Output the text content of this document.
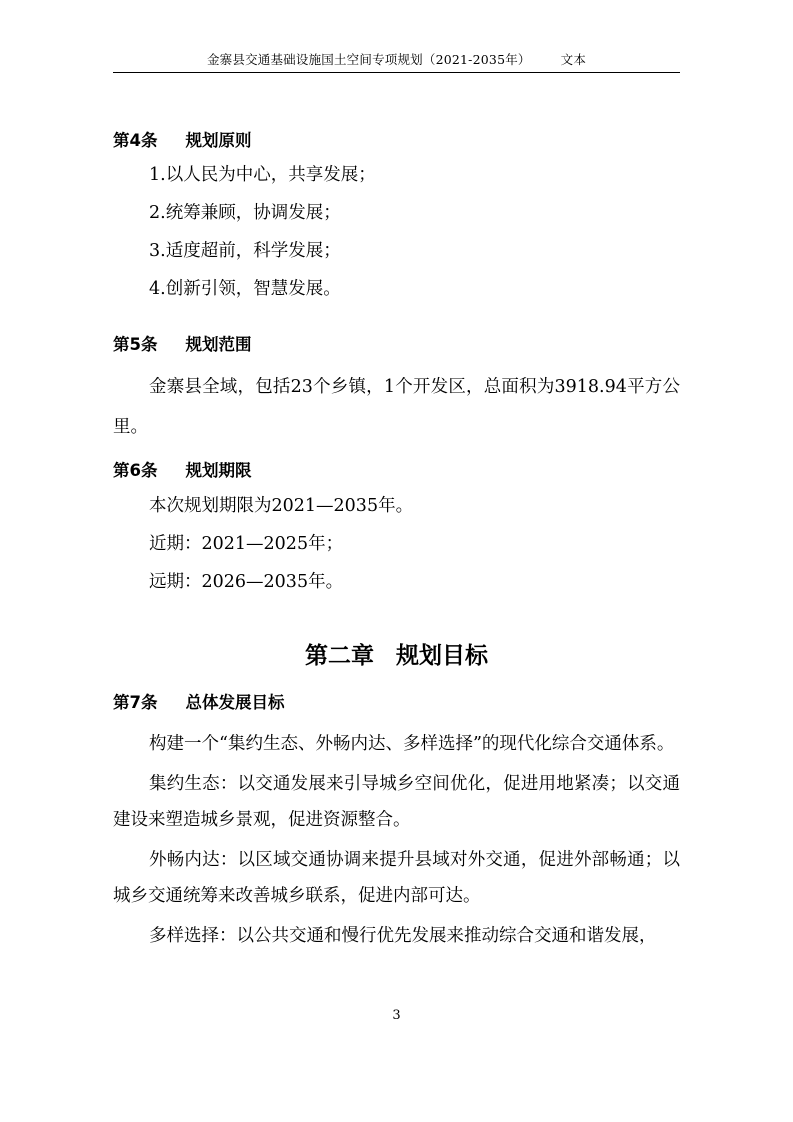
金寨县交通基础设施国土空间专项规划（2021-2035年） 文本
第4条 规划原则
1.以人民为中心，共享发展；
2.统筹兼顾，协调发展；
3.适度超前，科学发展；
4.创新引领，智慧发展。
第5条 规划范围
金寨县全域，包括23个乡镇，1个开发区，总面积为3918.94平方公里。
第6条 规划期限
本次规划期限为2021—2035年。
近期：2021—2025年；
远期：2026—2035年。
第二章 规划目标
第7条 总体发展目标
构建一个“集约生态、外畅内达、多样选择”的现代化综合交通体系。
集约生态：以交通发展来引导城乡空间优化，促进用地紧凑；以交通建设来塑造城乡景观，促进资源整合。
外畅内达：以区域交通协调来提升县域对外交通，促进外部畅通；以城乡交通统筹来改善城乡联系，促进内部可达。
多样选择：以公共交通和慢行优先发展来推动综合交通和谐发展，
3
